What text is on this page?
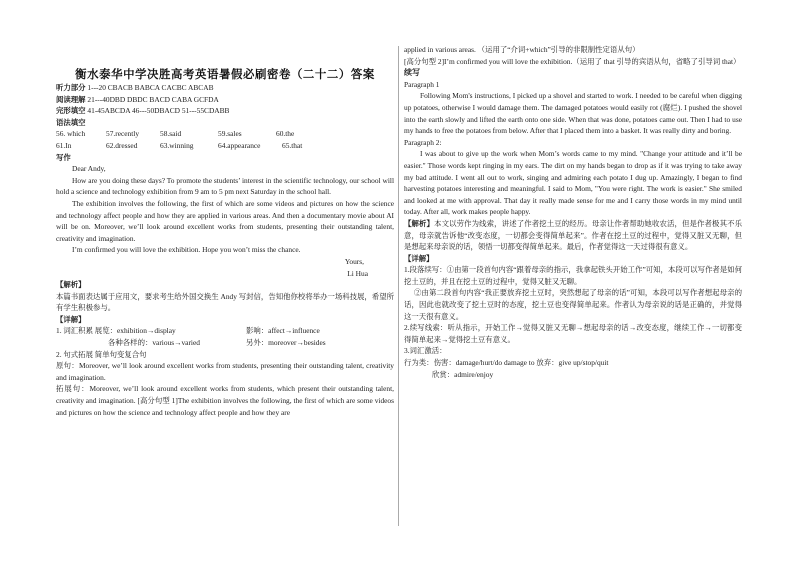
衡水泰华中学决胜高考英语暑假必刷密卷（二十二）答案
听力部分 1---20 CBACB BABCA CACBC ABCAB
阅读理解 21---40DBD DBDC BACD CABA GCFDA
完形填空 41-45ABCDA 46---50DBACD 51---55CDABB
语法填空
56. which	57.recently	58.said	59.sales	60.the
61.In	62.dressed	63.winning	64.appearance	65.that
写作
Dear Andy,
How are you doing these days? To promote the students’ interest in the scientific technology, our school will hold a science and technology exhibition from 9 am to 5 pm next Saturday in the school hall.
The exhibition involves the following, the first of which are some videos and pictures on how the science and technology affect people and how they are applied in various areas. And then a documentary movie about AI will be on. Moreover, we’ll look around excellent works from students, presenting their outstanding talent, creativity and imagination.
I’m confirmed you will love the exhibition. Hope you won’t miss the chance.
Yours,
Li Hua
【解析】
本篇书面表达属于应用文，要求考生给外国交换生 Andy 写封信，告知他你校将举办一场科技展，希望所有学生积极参与。
【详解】
1. 词汇积累 展览：exhibition→display	影响：affect→influence
各种各样的：various→varied	另外：moreover→besides
2. 句式拓展 简单句变复合句
原句：Moreover, we’ll look around excellent works from students, presenting their outstanding talent, creativity and imagination.
拓展句：Moreover, we’ll look around excellent works from students, which present their outstanding talent, creativity and imagination. [高分句型 1]The exhibition involves the following, the first of which are some videos and pictures on how the science and technology affect people and how they are
applied in various areas. （运用了“介词+which”引导的非限制性定语从句）
[高分句型 2]I’m confirmed you will love the exhibition.（运用了 that 引导的宾语从句，省略了引导词 that）
续写
Paragraph 1
Following Mom's instructions, I picked up a shovel and started to work. I needed to be careful when digging up potatoes, otherwise I would damage them. The damaged potatoes would easily rot (腐烂). I pushed the shovel into the earth slowly and lifted the earth onto one side. When that was done, potatoes came out. Then I had to use my hands to free the potatoes from below. After that I placed them into a basket. It was really dirty and boring.
Paragraph 2:
I was about to give up the work when Mom’s words came to my mind. "Change your attitude and it’ll be easier." Those words kept ringing in my ears. The dirt on my hands began to drop as if it was trying to take away my bad attitude. I went all out to work, singing and admiring each potato I dug up. Amazingly, I began to find harvesting potatoes interesting and meaningful. I said to Mom, "You were right. The work is easier." She smiled and looked at me with approval. That day it really made sense for me and I carry those words in my mind until today. After all, work makes people happy.
【解析】本文以劳作为线索，讲述了作者挖土豆的经历。母亲让作者帮助她收农活，但是作者极其不乐意，母亲就告诉他“改变态度，一切都会变得简单起来”。作者在挖土豆的过程中，觉得又脏又无聊，但是想起来母亲说的话，领悟一切都变得简单起来。最后，作者觉得这一天过得很有意义。
【详解】
1.段落续写：①由第一段首句内容“跟着母亲的指示，我拿起铁头开始工作”可知，本段可以写作者是如何挖土豆的，并且在挖土豆的过程中，觉得又脏又无聊。
②由第二段首句内容“我正要放弃挖土豆时，突然想起了母亲的话”可知，本段可以写作者想起母亲的话，因此也就改变了挖土豆时的态度，挖土豆也变得简单起来。作者认为母亲说的话是正确的，并觉得这一天很有意义。
2.续写线索：听从指示，开始工作→觉得又脏又无聊→想起母亲的话→改变态度，继续工作→一切都变得简单起来→觉得挖土豆有意义。
3.词汇激活：
行为类：伤害：damage/hurt/do damage to 放弃：give up/stop/quit
欣赏：admire/enjoy
